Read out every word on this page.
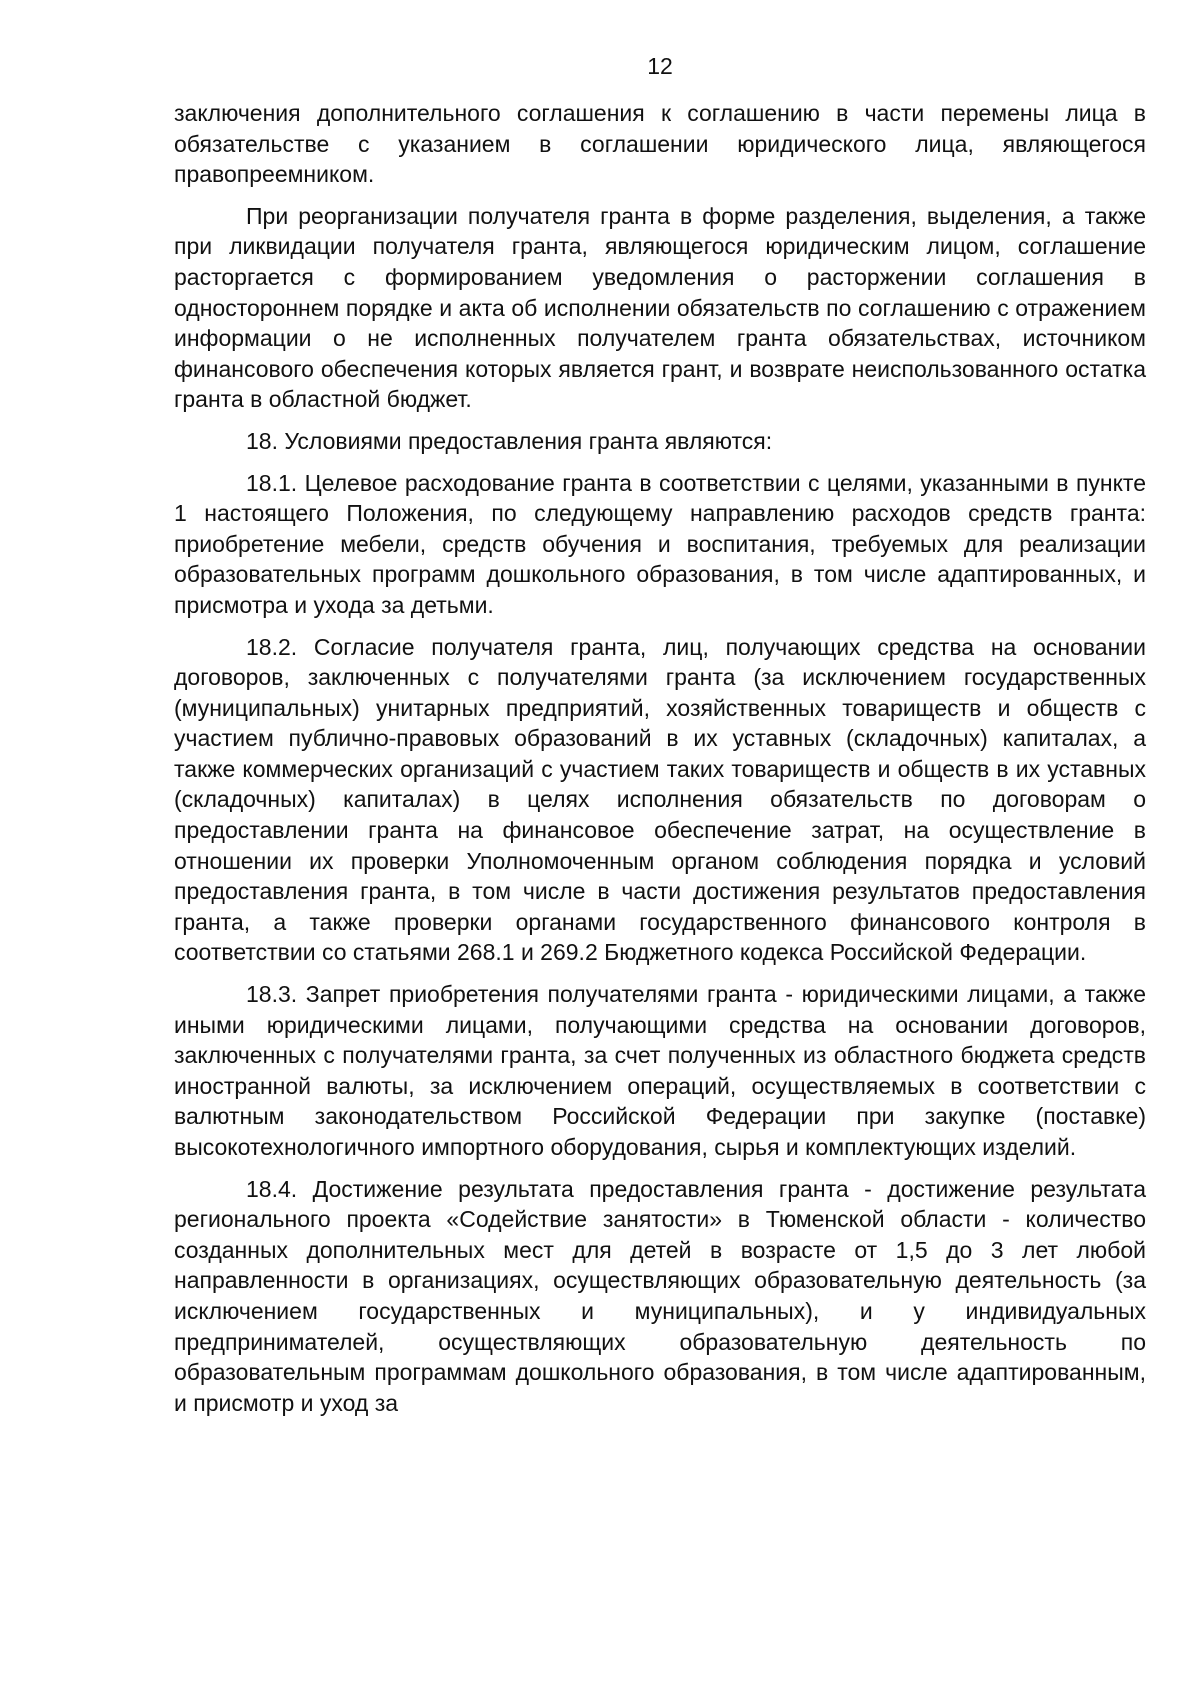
12

заключения дополнительного соглашения к соглашению в части перемены лица в обязательстве с указанием в соглашении юридического лица, являющегося правопреемником.

При реорганизации получателя гранта в форме разделения, выделения, а также при ликвидации получателя гранта, являющегося юридическим лицом, соглашение расторгается с формированием уведомления о расторжении соглашения в одностороннем порядке и акта об исполнении обязательств по соглашению с отражением информации о не исполненных получателем гранта обязательствах, источником финансового обеспечения которых является грант, и возврате неиспользованного остатка гранта в областной бюджет.

18. Условиями предоставления гранта являются:

18.1. Целевое расходование гранта в соответствии с целями, указанными в пункте 1 настоящего Положения, по следующему направлению расходов средств гранта: приобретение мебели, средств обучения и воспитания, требуемых для реализации образовательных программ дошкольного образования, в том числе адаптированных, и присмотра и ухода за детьми.

18.2. Согласие получателя гранта, лиц, получающих средства на основании договоров, заключенных с получателями гранта (за исключением государственных (муниципальных) унитарных предприятий, хозяйственных товариществ и обществ с участием публично-правовых образований в их уставных (складочных) капиталах, а также коммерческих организаций с участием таких товариществ и обществ в их уставных (складочных) капиталах) в целях исполнения обязательств по договорам о предоставлении гранта на финансовое обеспечение затрат, на осуществление в отношении их проверки Уполномоченным органом соблюдения порядка и условий предоставления гранта, в том числе в части достижения результатов предоставления гранта, а также проверки органами государственного финансового контроля в соответствии со статьями 268.1 и 269.2 Бюджетного кодекса Российской Федерации.

18.3. Запрет приобретения получателями гранта - юридическими лицами, а также иными юридическими лицами, получающими средства на основании договоров, заключенных с получателями гранта, за счет полученных из областного бюджета средств иностранной валюты, за исключением операций, осуществляемых в соответствии с валютным законодательством Российской Федерации при закупке (поставке) высокотехнологичного импортного оборудования, сырья и комплектующих изделий.

18.4. Достижение результата предоставления гранта - достижение результата регионального проекта «Содействие занятости» в Тюменской области - количество созданных дополнительных мест для детей в возрасте от 1,5 до 3 лет любой направленности в организациях, осуществляющих образовательную деятельность (за исключением государственных и муниципальных), и у индивидуальных предпринимателей, осуществляющих образовательную деятельность по образовательным программам дошкольного образования, в том числе адаптированным, и присмотр и уход за
